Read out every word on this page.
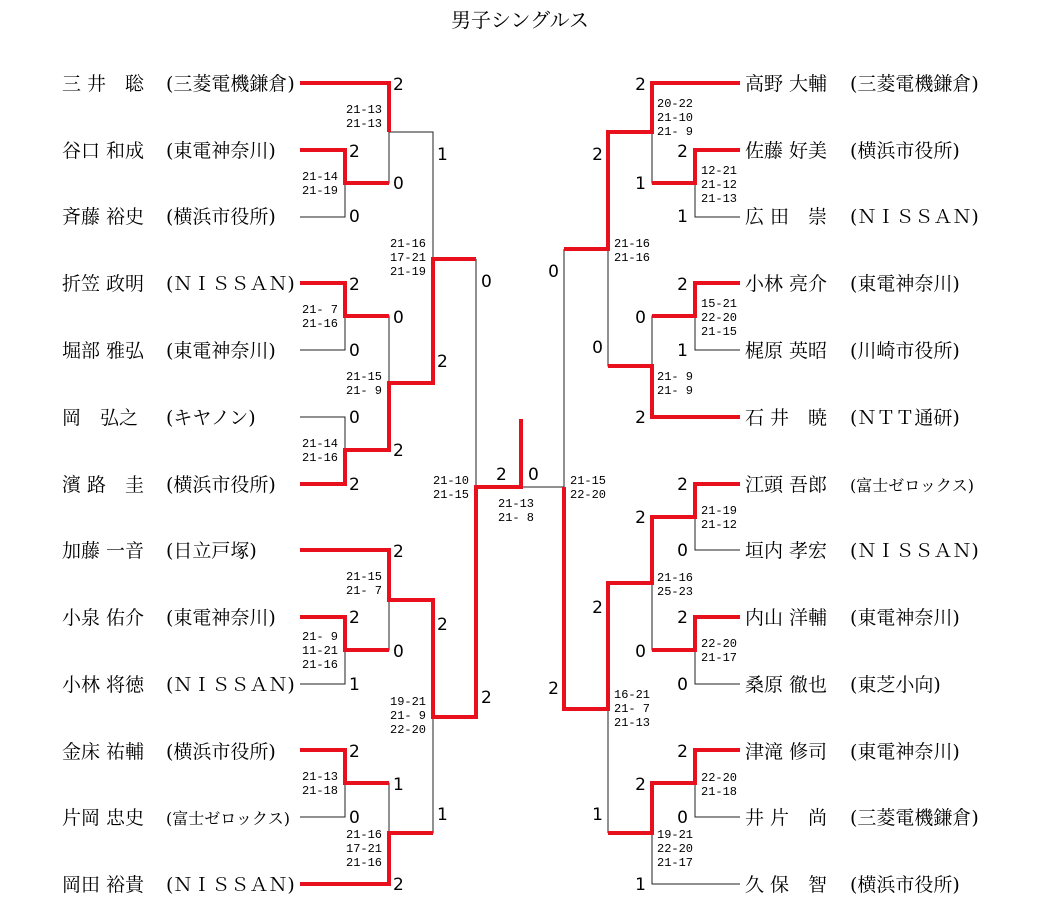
男子シングルス
三 井　聡 (三菱電機鎌倉)
谷口 和成 (東電神奈川)
斉藤 裕史 (横浜市役所)
折笠 政明 (ＮＩＳＳＡＮ)
堀部 雅弘 (東電神奈川)
岡　弘之 (キヤノン)
濱 路　圭 (横浜市役所)
加藤 一音 (日立戸塚)
小泉 佑介 (東電神奈川)
小林 将徳 (ＮＩＳＳＡＮ)
金床 祐輔 (横浜市役所)
片岡 忠史 (富士ゼロックス)
岡田 裕貴 (ＮＩＳＳＡＮ)
高野 大輔 (三菱電機鎌倉)
佐藤 好美 (横浜市役所)
広 田　崇 (ＮＩＳＳＡＮ)
小林 亮介 (東電神奈川)
梶原 英昭 (川崎市役所)
石 井　暁 (ＮＴＴ通研)
江頭 吾郎 (富士ゼロックス)
垣内 孝宏 (ＮＩＳＳＡＮ)
内山 洋輔 (東電神奈川)
桑原 徹也 (東芝小向)
津滝 修司 (東電神奈川)
井 片　尚 (三菱電機鎌倉)
久 保　智 (横浜市役所)
2
0
2
0
0
2
2
1
2
0
2
0
0
2
2
0
1
2
1
2
2
1
0
2
2
1
2
1
2
0
2
0
2
0
2
1
0
2
2
0
2
1
2
0
2
1
0
2
2 0
21-13
21- 8
21-14
21-19
21- 7
21-16
21-14
21-16
21- 9
11-21
21-16
21-13
21-18
21-13
21-13
21-15
21- 9
21-15
21- 7
21-16
17-21
21-16
21-16
17-21
21-19
19-21
21- 9
22-20
21-10
21-15
12-21
21-12
21-13
15-21
22-20
21-15
21-19
21-12
22-20
21-17
22-20
21-18
20-22
21-10
21- 9
21- 9
21- 9
21-16
25-23
19-21
22-20
21-17
21-16
21-16
16-21
21- 7
21-13
21-15
22-20
